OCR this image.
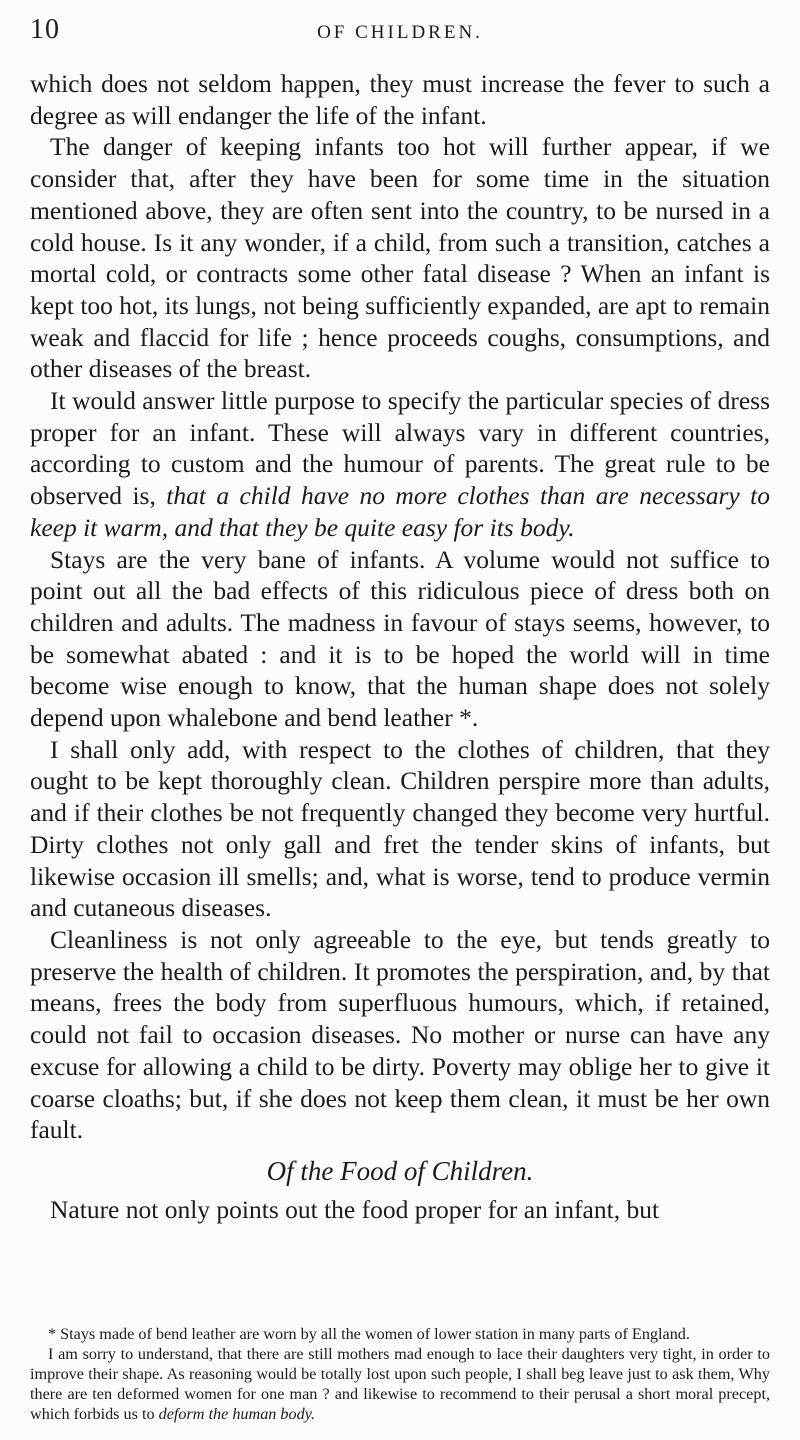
10	OF CHILDREN.

which does not seldom happen, they must increase the fever to such a degree as will endanger the life of the infant.

The danger of keeping infants too hot will further appear, if we consider that, after they have been for some time in the situation mentioned above, they are often sent into the country, to be nursed in a cold house. Is it any wonder, if a child, from such a transition, catches a mortal cold, or contracts some other fatal disease ? When an infant is kept too hot, its lungs, not being sufficiently expanded, are apt to remain weak and flaccid for life ; hence proceeds coughs, consumptions, and other diseases of the breast.

It would answer little purpose to specify the particular species of dress proper for an infant. These will always vary in different countries, according to custom and the humour of parents. The great rule to be observed is, that a child have no more clothes than are necessary to keep it warm, and that they be quite easy for its body.

Stays are the very bane of infants. A volume would not suffice to point out all the bad effects of this ridiculous piece of dress both on children and adults. The madness in favour of stays seems, however, to be somewhat abated : and it is to be hoped the world will in time become wise enough to know, that the human shape does not solely depend upon whalebone and bend leather *.

I shall only add, with respect to the clothes of children, that they ought to be kept thoroughly clean. Children perspire more than adults, and if their clothes be not frequently changed they become very hurtful. Dirty clothes not only gall and fret the tender skins of infants, but likewise occasion ill smells; and, what is worse, tend to produce vermin and cutaneous diseases.

Cleanliness is not only agreeable to the eye, but tends greatly to preserve the health of children. It promotes the perspiration, and, by that means, frees the body from superfluous humours, which, if retained, could not fail to occasion diseases. No mother or nurse can have any excuse for allowing a child to be dirty. Poverty may oblige her to give it coarse cloaths; but, if she does not keep them clean, it must be her own fault.

Of the Food of Children.

Nature not only points out the food proper for an infant, but

* Stays made of bend leather are worn by all the women of lower station in many parts of England.

I am sorry to understand, that there are still mothers mad enough to lace their daughters very tight, in order to improve their shape. As reasoning would be totally lost upon such people, I shall beg leave just to ask them, Why there are ten deformed women for one man ? and likewise to recommend to their perusal a short moral precept, which forbids us to deform the human body.
